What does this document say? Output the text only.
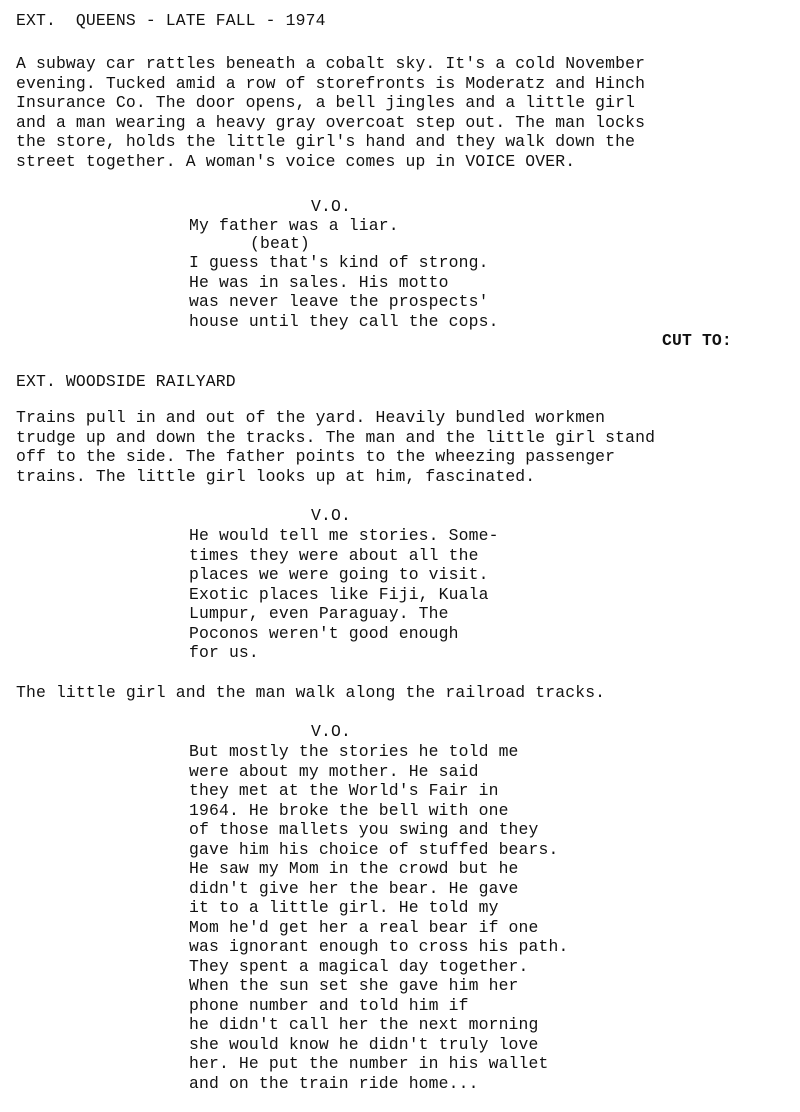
EXT.  QUEENS - LATE FALL - 1974

A subway car rattles beneath a cobalt sky. It's a cold November
evening. Tucked amid a row of storefronts is Moderatz and Hinch
Insurance Co. The door opens, a bell jingles and a little girl
and a man wearing a heavy gray overcoat step out. The man locks
the store, holds the little girl's hand and they walk down the
street together. A woman's voice comes up in VOICE OVER.

V.O.

My father was a liar.

(beat)

I guess that's kind of strong.
He was in sales. His motto
was never leave the prospects'
house until they call the cops.

CUT TO:

EXT. WOODSIDE RAILYARD

Trains pull in and out of the yard. Heavily bundled workmen
trudge up and down the tracks. The man and the little girl stand
off to the side. The father points to the wheezing passenger
trains. The little girl looks up at him, fascinated.

V.O.

He would tell me stories. Some-
times they were about all the
places we were going to visit.
Exotic places like Fiji, Kuala
Lumpur, even Paraguay. The
Poconos weren't good enough
for us.

The little girl and the man walk along the railroad tracks.

V.O.

But mostly the stories he told me
were about my mother. He said
they met at the World's Fair in
1964. He broke the bell with one
of those mallets you swing and they
gave him his choice of stuffed bears.
He saw my Mom in the crowd but he
didn't give her the bear. He gave
it to a little girl. He told my
Mom he'd get her a real bear if one
was ignorant enough to cross his path.
They spent a magical day together.
When the sun set she gave him her
phone number and told him if
he didn't call her the next morning
she would know he didn't truly love
her. He put the number in his wallet
and on the train ride home...
